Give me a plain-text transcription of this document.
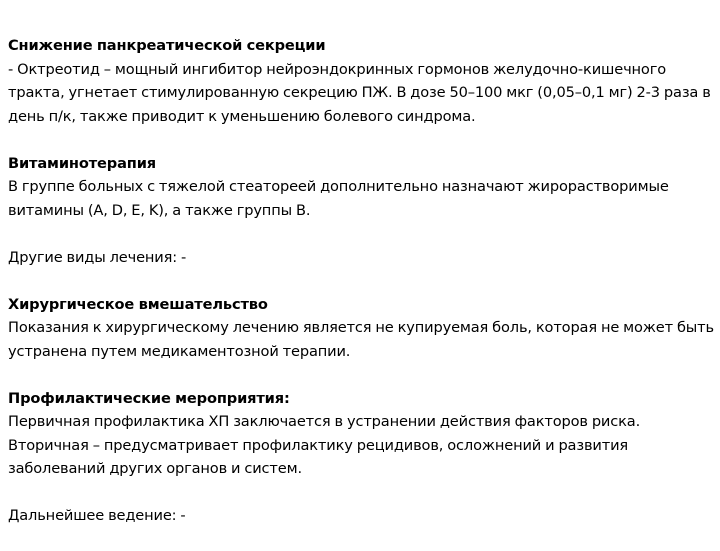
Снижение панкреатической секреции
- Октреотид – мощный ингибитор нейроэндокринных гормонов желудочно-кишечного
тракта, угнетает стимулированную секрецию ПЖ. В дозе 50–100 мкг (0,05–0,1 мг) 2-3 раза в
день п/к, также приводит к уменьшению болевого синдрома.
Витаминотерапия
В группе больных с тяжелой стеатореей дополнительно назначают жирорастворимые
витамины (A, D, E, K), а также группы В.
Другие виды лечения: -
Хирургическое вмешательство
Показания к хирургическому лечению является не купируемая боль, которая не может быть
устранена путем медикаментозной терапии.
Профилактические мероприятия:
Первичная профилактика ХП заключается в устранении действия факторов риска.
Вторичная – предусматривает профилактику рецидивов, осложнений и развития
заболеваний других органов и систем.
Дальнейшее ведение: -
